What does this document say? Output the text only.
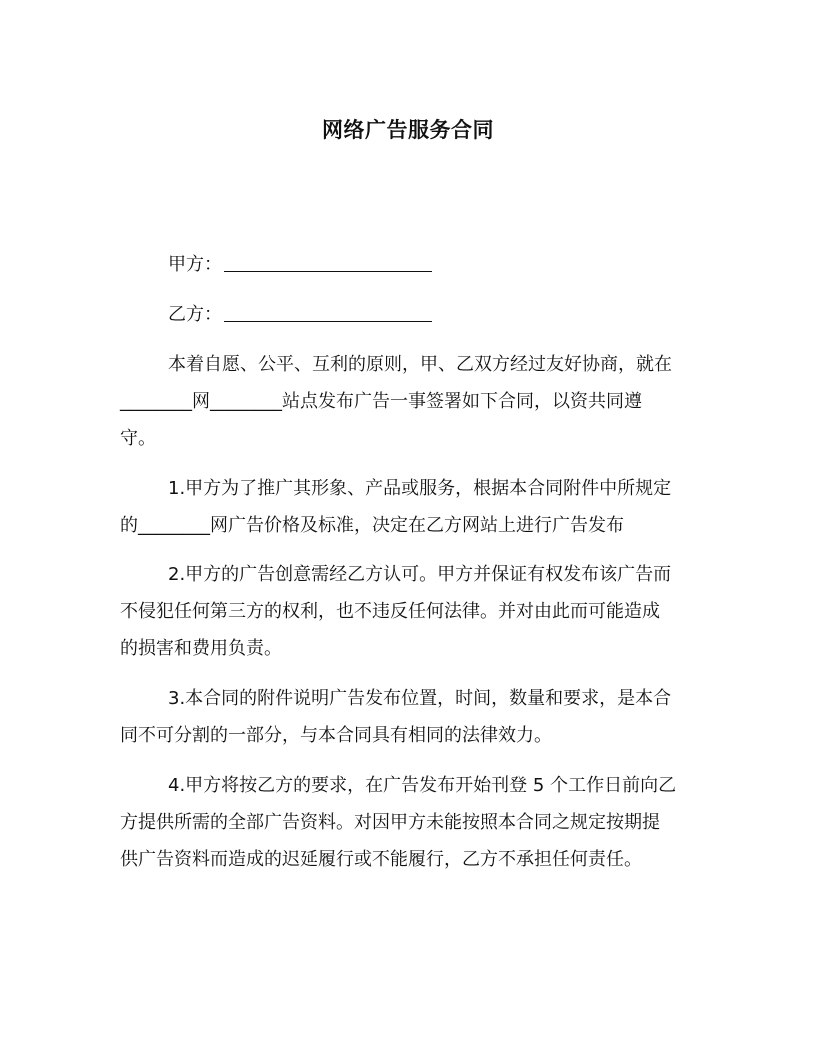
网络广告服务合同
甲方：
乙方：
本着自愿、公平、互利的原则，甲、乙双方经过友好协商，就在
________网________站点发布广告一事签署如下合同，以资共同遵
守。
1.甲方为了推广其形象、产品或服务，根据本合同附件中所规定
的________网广告价格及标准，决定在乙方网站上进行广告发布
2.甲方的广告创意需经乙方认可。甲方并保证有权发布该广告而
不侵犯任何第三方的权利，也不违反任何法律。并对由此而可能造成
的损害和费用负责。
3.本合同的附件说明广告发布位置，时间，数量和要求，是本合
同不可分割的一部分，与本合同具有相同的法律效力。
4.甲方将按乙方的要求，在广告发布开始刊登 5 个工作日前向乙
方提供所需的全部广告资料。对因甲方未能按照本合同之规定按期提
供广告资料而造成的迟延履行或不能履行，乙方不承担任何责任。
